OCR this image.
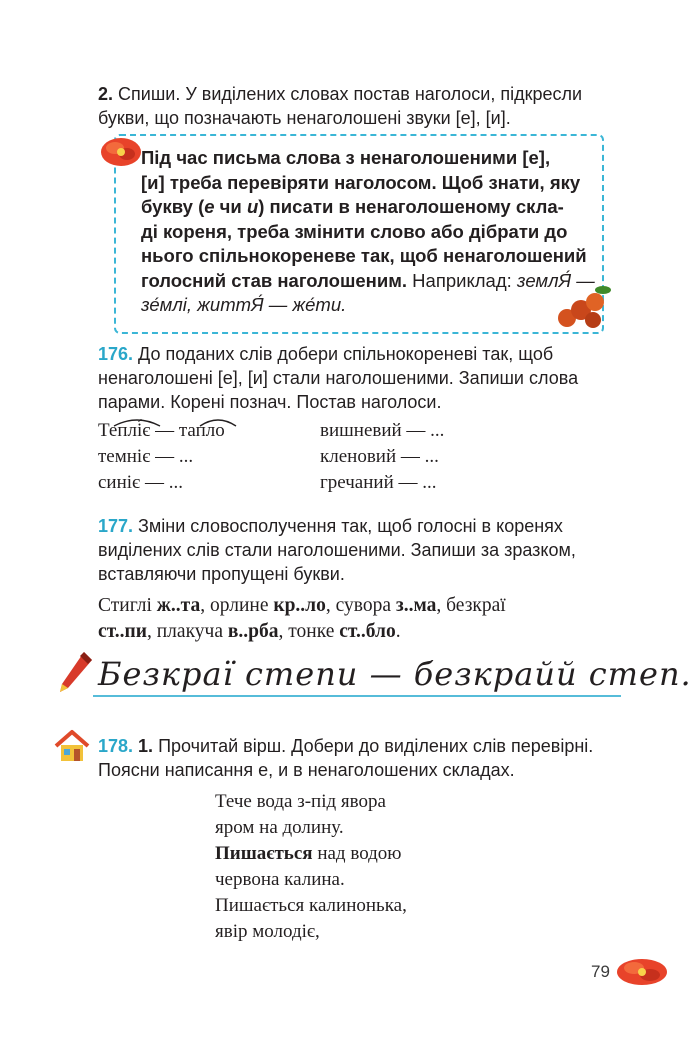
2. Спиши. У виділених словах постав наголоси, підкресли
букви, що позначають ненаголошені звуки [е], [и].
Під час письма слова з ненаголошеними [е],
[и] треба перевіряти наголосом. Щоб знати, яку
букву (е чи и) писати в ненаголошеному скла-
ді кореня, треба змінити слово або дібрати до
нього спільнокореневе так, щоб ненаголошений
голосний став наголошеним. Наприклад: землЯ́ —
зе́млі, життЯ́ — же́ти.
176. До поданих слів добери спільнокореневі так, щоб
ненаголошені [е], [и] стали наголошеними. Запиши слова
парами. Корені познач. Постав наголоси.
Теплі́є — тапло
темніє — ...
синіє — ...
вишневий — ...
кленовий — ...
гречаний — ...
177. Зміни словосполучення так, щоб голосні в коренях
виділених слів стали наголошеними. Запиши за зразком,
вставляючи пропущені букви.
Стиглі ж..та, орлине кр..ло, сувора з..ма, безкраї
ст..пи, плакуча в..рба, тонке ст..бло.
Безкраї степи — безкрайй степ.
178. 1. Прочитай вірш. Добери до виділених слів перевірні.
Поясни написання е, и в ненаголошених складах.
Тече вода з-під явора
яром на долину.
Пишається над водою
червона калина.
Пишається калинонька,
явір молодіє,
79
